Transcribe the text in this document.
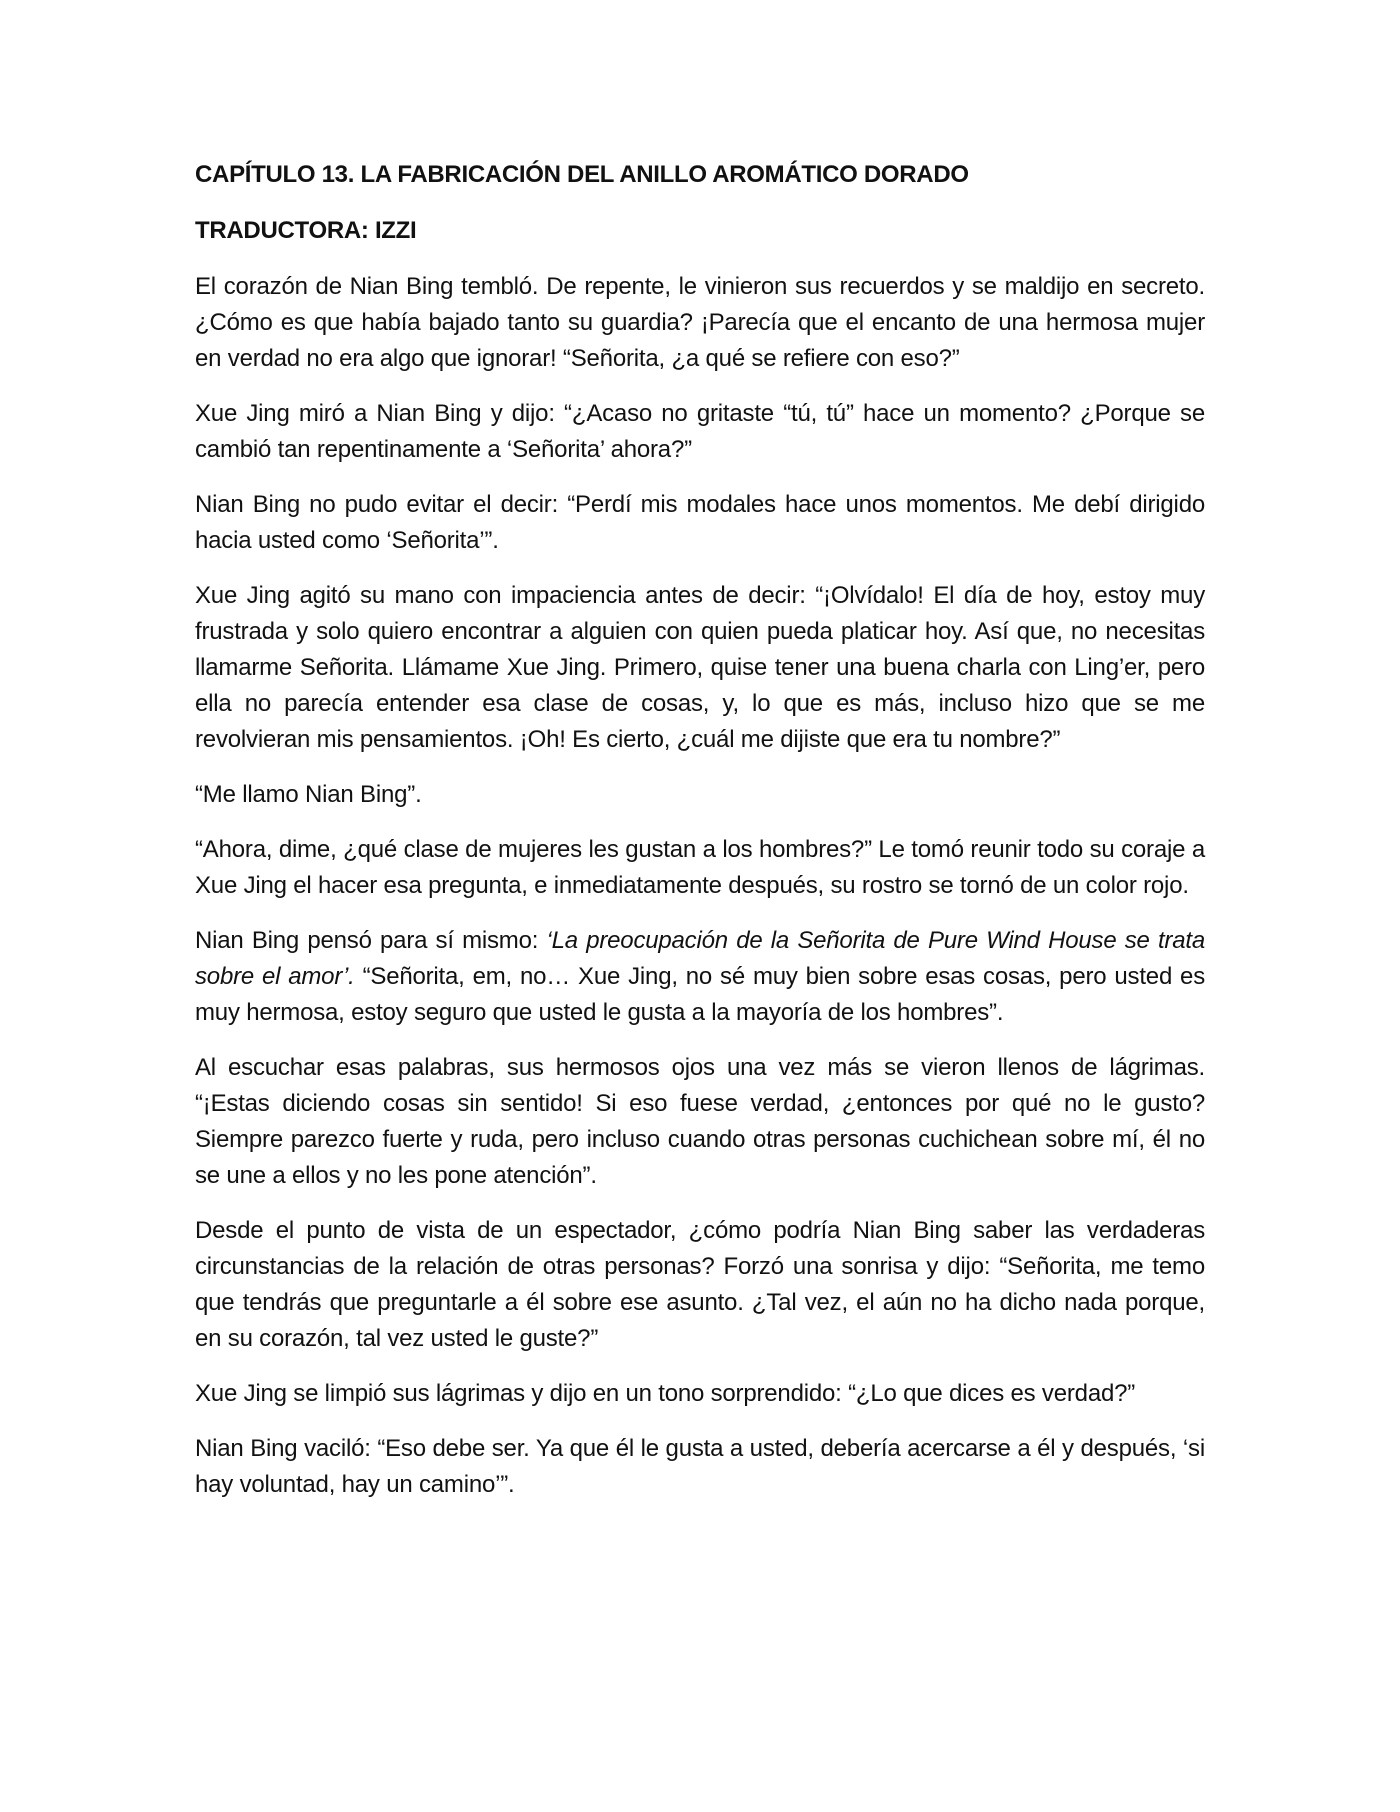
CAPÍTULO 13. LA FABRICACIÓN DEL ANILLO AROMÁTICO DORADO
TRADUCTORA: IZZI

El corazón de Nian Bing tembló. De repente, le vinieron sus recuerdos y se maldijo en secreto. ¿Cómo es que había bajado tanto su guardia? ¡Parecía que el encanto de una hermosa mujer en verdad no era algo que ignorar! “Señorita, ¿a qué se refiere con eso?”

Xue Jing miró a Nian Bing y dijo: “¿Acaso no gritaste “tú, tú” hace un momento? ¿Porque se cambió tan repentinamente a ‘Señorita’ ahora?”

Nian Bing no pudo evitar el decir: “Perdí mis modales hace unos momentos. Me debí dirigido hacia usted como ‘Señorita’”.

Xue Jing agitó su mano con impaciencia antes de decir: “¡Olvídalo! El día de hoy, estoy muy frustrada y solo quiero encontrar a alguien con quien pueda platicar hoy. Así que, no necesitas llamarme Señorita. Llámame Xue Jing. Primero, quise tener una buena charla con Ling’er, pero ella no parecía entender esa clase de cosas, y, lo que es más, incluso hizo que se me revolvieran mis pensamientos. ¡Oh! Es cierto, ¿cuál me dijiste que era tu nombre?”

“Me llamo Nian Bing”.

“Ahora, dime, ¿qué clase de mujeres les gustan a los hombres?” Le tomó reunir todo su coraje a Xue Jing el hacer esa pregunta, e inmediatamente después, su rostro se tornó de un color rojo.

Nian Bing pensó para sí mismo: ‘La preocupación de la Señorita de Pure Wind House se trata sobre el amor’. “Señorita, em, no… Xue Jing, no sé muy bien sobre esas cosas, pero usted es muy hermosa, estoy seguro que usted le gusta a la mayoría de los hombres”.

Al escuchar esas palabras, sus hermosos ojos una vez más se vieron llenos de lágrimas. “¡Estas diciendo cosas sin sentido! Si eso fuese verdad, ¿entonces por qué no le gusto? Siempre parezco fuerte y ruda, pero incluso cuando otras personas cuchichean sobre mí, él no se une a ellos y no les pone atención”.

Desde el punto de vista de un espectador, ¿cómo podría Nian Bing saber las verdaderas circunstancias de la relación de otras personas? Forzó una sonrisa y dijo: “Señorita, me temo que tendrás que preguntarle a él sobre ese asunto. ¿Tal vez, el aún no ha dicho nada porque, en su corazón, tal vez usted le guste?”

Xue Jing se limpió sus lágrimas y dijo en un tono sorprendido: “¿Lo que dices es verdad?”

Nian Bing vaciló: “Eso debe ser. Ya que él le gusta a usted, debería acercarse a él y después, ‘si hay voluntad, hay un camino’”.
